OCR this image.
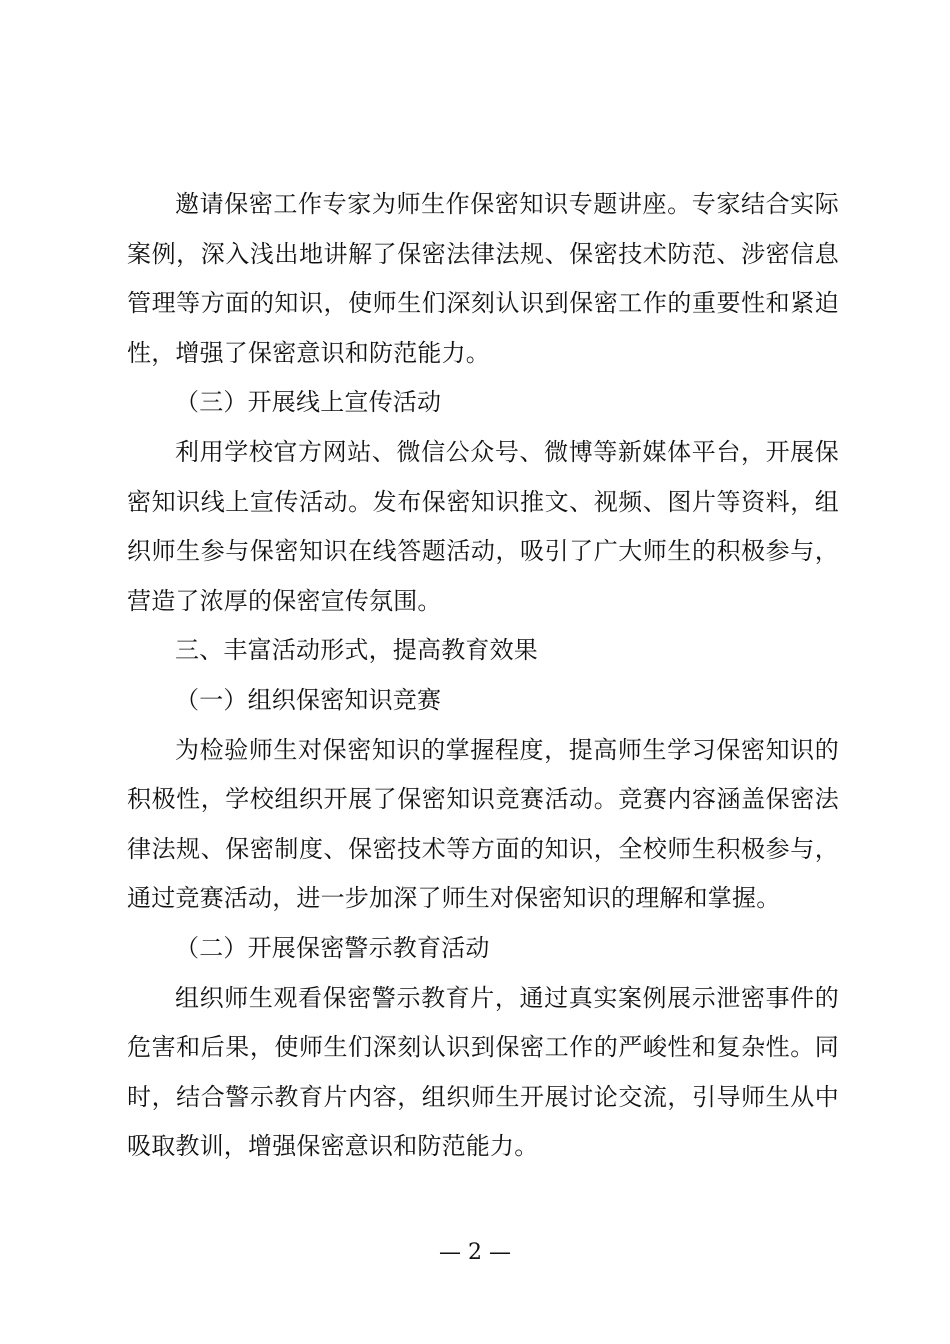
邀请保密工作专家为师生作保密知识专题讲座。专家结合实际案例，深入浅出地讲解了保密法律法规、保密技术防范、涉密信息管理等方面的知识，使师生们深刻认识到保密工作的重要性和紧迫性，增强了保密意识和防范能力。

（三）开展线上宣传活动

利用学校官方网站、微信公众号、微博等新媒体平台，开展保密知识线上宣传活动。发布保密知识推文、视频、图片等资料，组织师生参与保密知识在线答题活动，吸引了广大师生的积极参与，营造了浓厚的保密宣传氛围。

三、丰富活动形式，提高教育效果

（一）组织保密知识竞赛

为检验师生对保密知识的掌握程度，提高师生学习保密知识的积极性，学校组织开展了保密知识竞赛活动。竞赛内容涵盖保密法律法规、保密制度、保密技术等方面的知识，全校师生积极参与，通过竞赛活动，进一步加深了师生对保密知识的理解和掌握。

（二）开展保密警示教育活动

组织师生观看保密警示教育片，通过真实案例展示泄密事件的危害和后果，使师生们深刻认识到保密工作的严峻性和复杂性。同时，结合警示教育片内容，组织师生开展讨论交流，引导师生从中吸取教训，增强保密意识和防范能力。

— 2 —
